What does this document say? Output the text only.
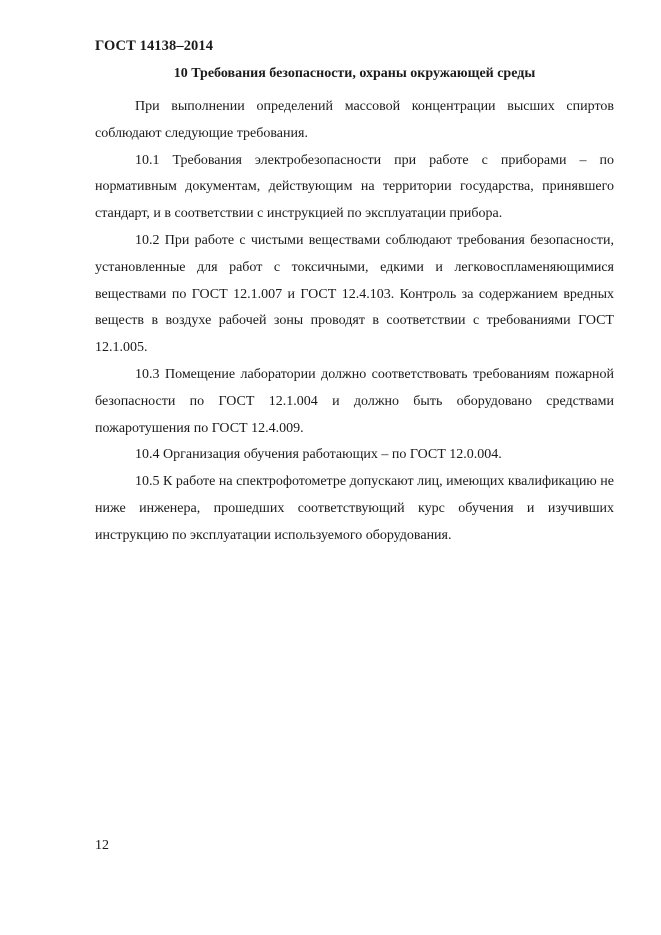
ГОСТ 14138–2014
10 Требования безопасности, охраны окружающей среды

При выполнении определений массовой концентрации высших спиртов соблюдают следующие требования.

10.1 Требования электробезопасности при работе с приборами – по нормативным документам, действующим на территории государства, принявшего стандарт, и в соответствии с инструкцией по эксплуатации прибора.

10.2 При работе с чистыми веществами соблюдают требования безопасности, установленные для работ с токсичными, едкими и легковоспламеняющимися веществами по ГОСТ 12.1.007 и ГОСТ 12.4.103. Контроль за содержанием вредных веществ в воздухе рабочей зоны проводят в соответствии с требованиями ГОСТ 12.1.005.

10.3 Помещение лаборатории должно соответствовать требованиям пожарной безопасности по ГОСТ 12.1.004 и должно быть оборудовано средствами пожаротушения по ГОСТ 12.4.009.

10.4 Организация обучения работающих – по ГОСТ 12.0.004.

10.5 К работе на спектрофотометре допускают лиц, имеющих квалификацию не ниже инженера, прошедших соответствующий курс обучения и изучивших инструкцию по эксплуатации используемого оборудования.

12
